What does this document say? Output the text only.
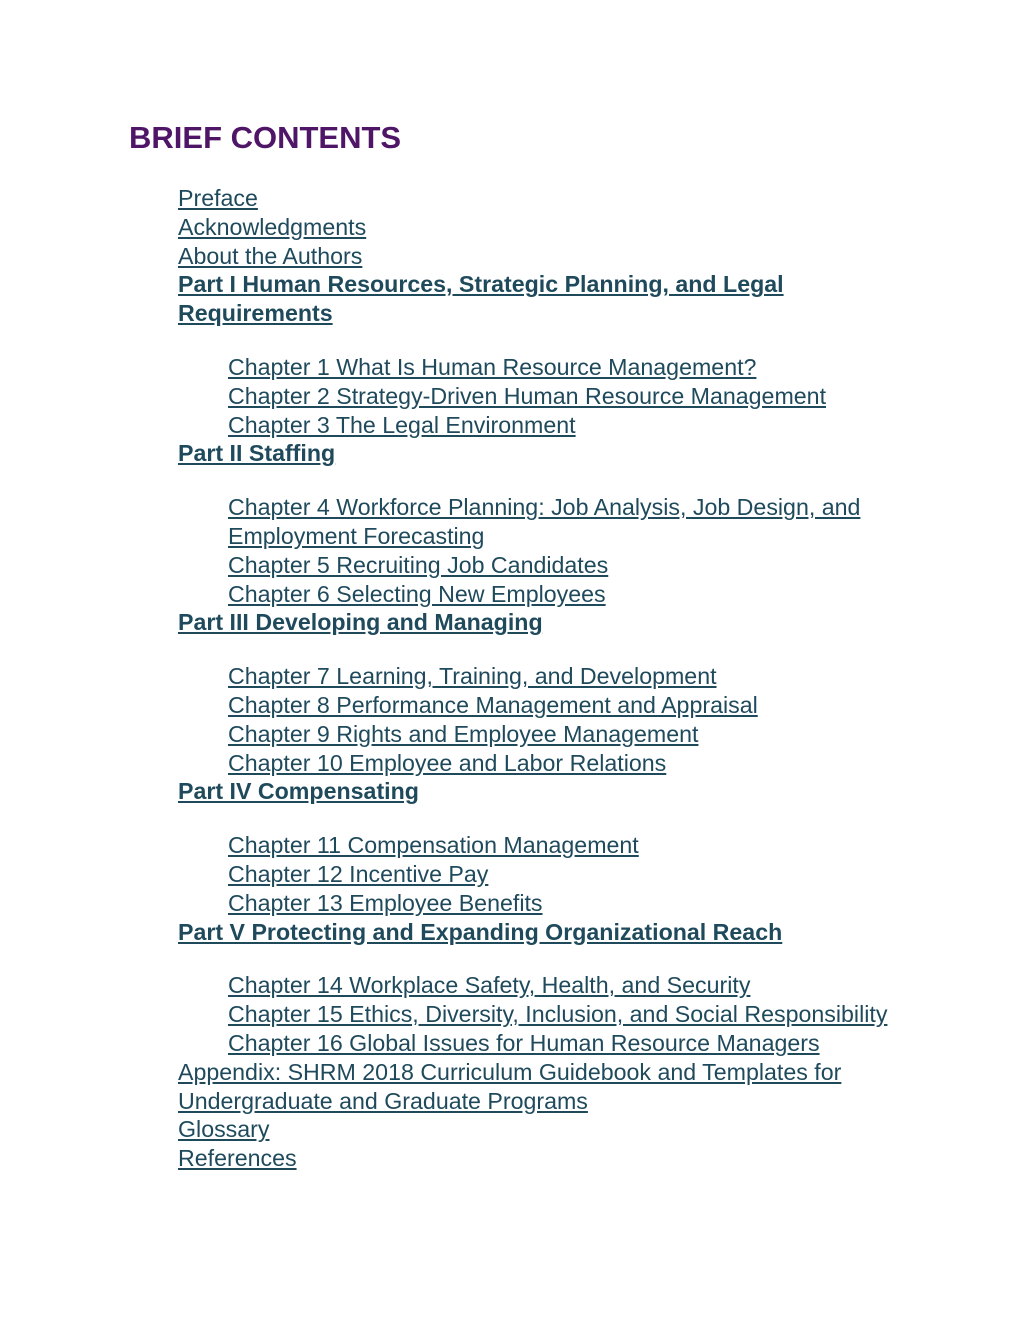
BRIEF CONTENTS
Preface
Acknowledgments
About the Authors
Part I Human Resources, Strategic Planning, and Legal Requirements
Chapter 1 What Is Human Resource Management?
Chapter 2 Strategy-Driven Human Resource Management
Chapter 3 The Legal Environment
Part II Staffing
Chapter 4 Workforce Planning: Job Analysis, Job Design, and Employment Forecasting
Chapter 5 Recruiting Job Candidates
Chapter 6 Selecting New Employees
Part III Developing and Managing
Chapter 7 Learning, Training, and Development
Chapter 8 Performance Management and Appraisal
Chapter 9 Rights and Employee Management
Chapter 10 Employee and Labor Relations
Part IV Compensating
Chapter 11 Compensation Management
Chapter 12 Incentive Pay
Chapter 13 Employee Benefits
Part V Protecting and Expanding Organizational Reach
Chapter 14 Workplace Safety, Health, and Security
Chapter 15 Ethics, Diversity, Inclusion, and Social Responsibility
Chapter 16 Global Issues for Human Resource Managers
Appendix: SHRM 2018 Curriculum Guidebook and Templates for Undergraduate and Graduate Programs
Glossary
References
